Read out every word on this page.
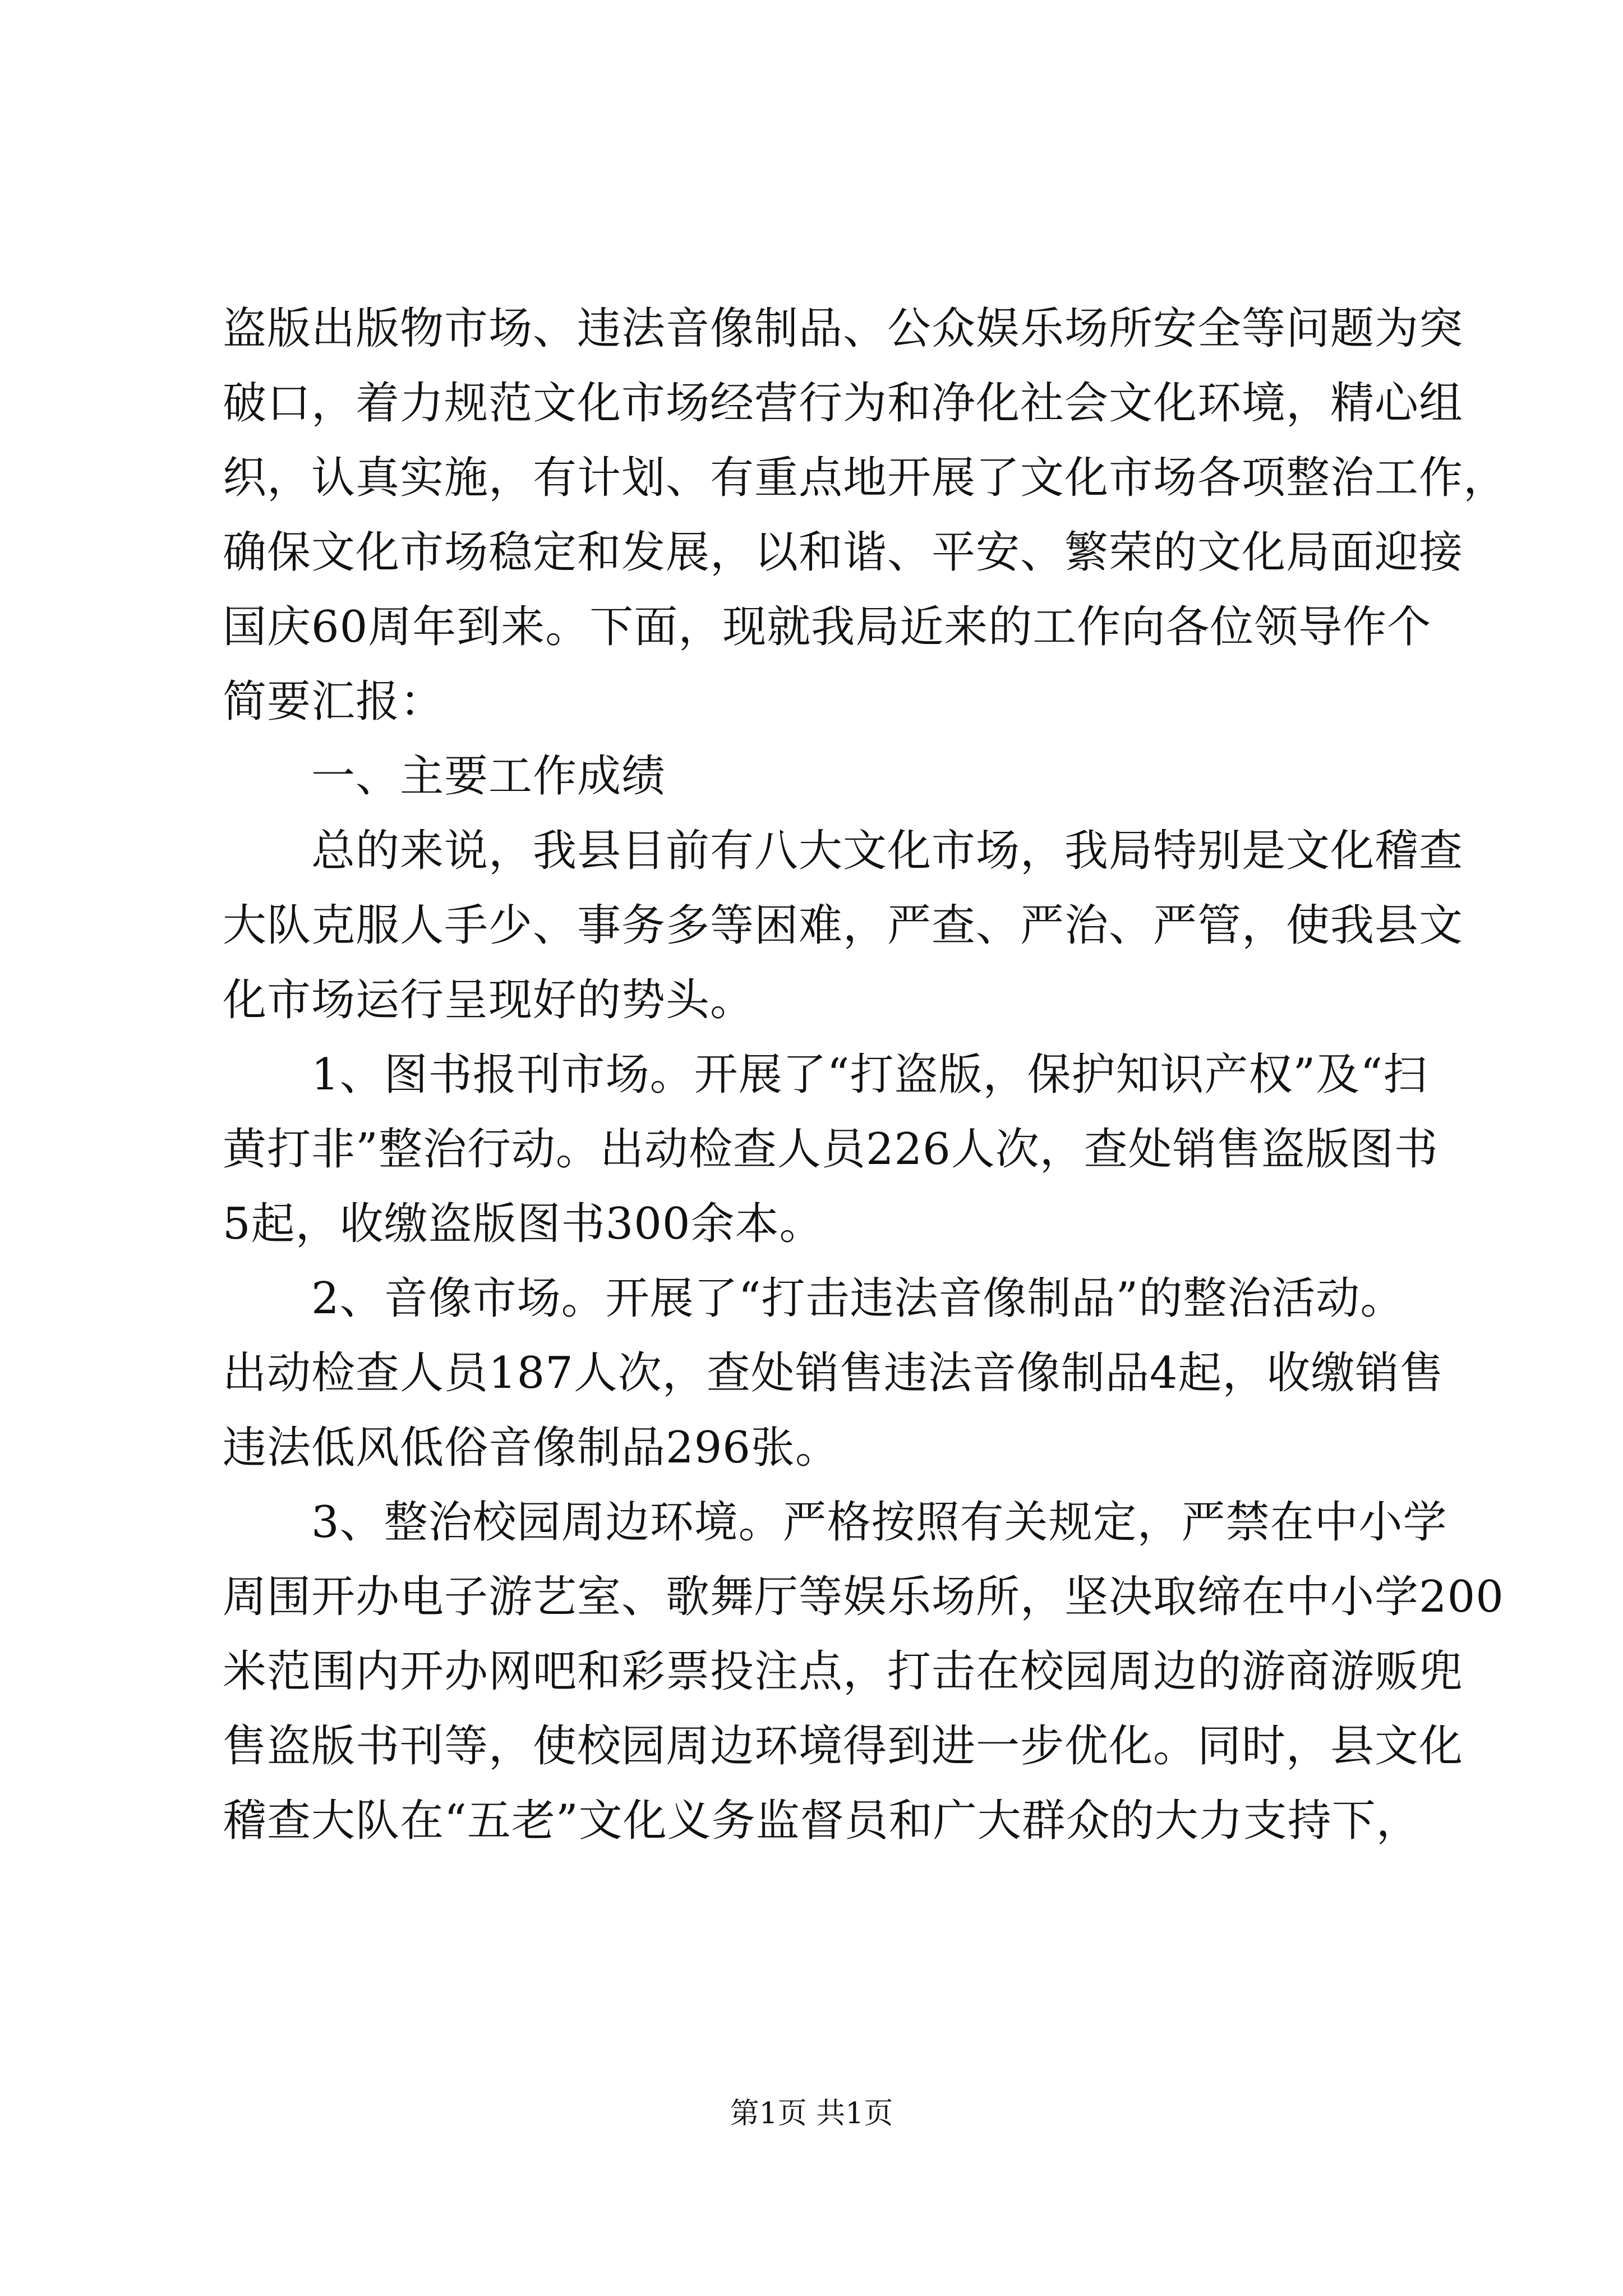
盗版出版物市场、违法音像制品、公众娱乐场所安全等问题为突
破口，着力规范文化市场经营行为和净化社会文化环境，精心组
织，认真实施，有计划、有重点地开展了文化市场各项整治工作，
确保文化市场稳定和发展，以和谐、平安、繁荣的文化局面迎接
国庆60周年到来。下面，现就我局近来的工作向各位领导作个
简要汇报：
一、主要工作成绩
总的来说，我县目前有八大文化市场，我局特别是文化稽查
大队克服人手少、事务多等困难，严查、严治、严管，使我县文
化市场运行呈现好的势头。
1、图书报刊市场。开展了“打盗版，保护知识产权”及“扫
黄打非”整治行动。出动检查人员226人次，查处销售盗版图书
5起，收缴盗版图书300余本。
2、音像市场。开展了“打击违法音像制品”的整治活动。
出动检查人员187人次，查处销售违法音像制品4起，收缴销售
违法低风低俗音像制品296张。
3、整治校园周边环境。严格按照有关规定，严禁在中小学
周围开办电子游艺室、歌舞厅等娱乐场所，坚决取缔在中小学200
米范围内开办网吧和彩票投注点，打击在校园周边的游商游贩兜
售盗版书刊等，使校园周边环境得到进一步优化。同时，县文化
稽查大队在“五老”文化义务监督员和广大群众的大力支持下，
第1页 共1页
